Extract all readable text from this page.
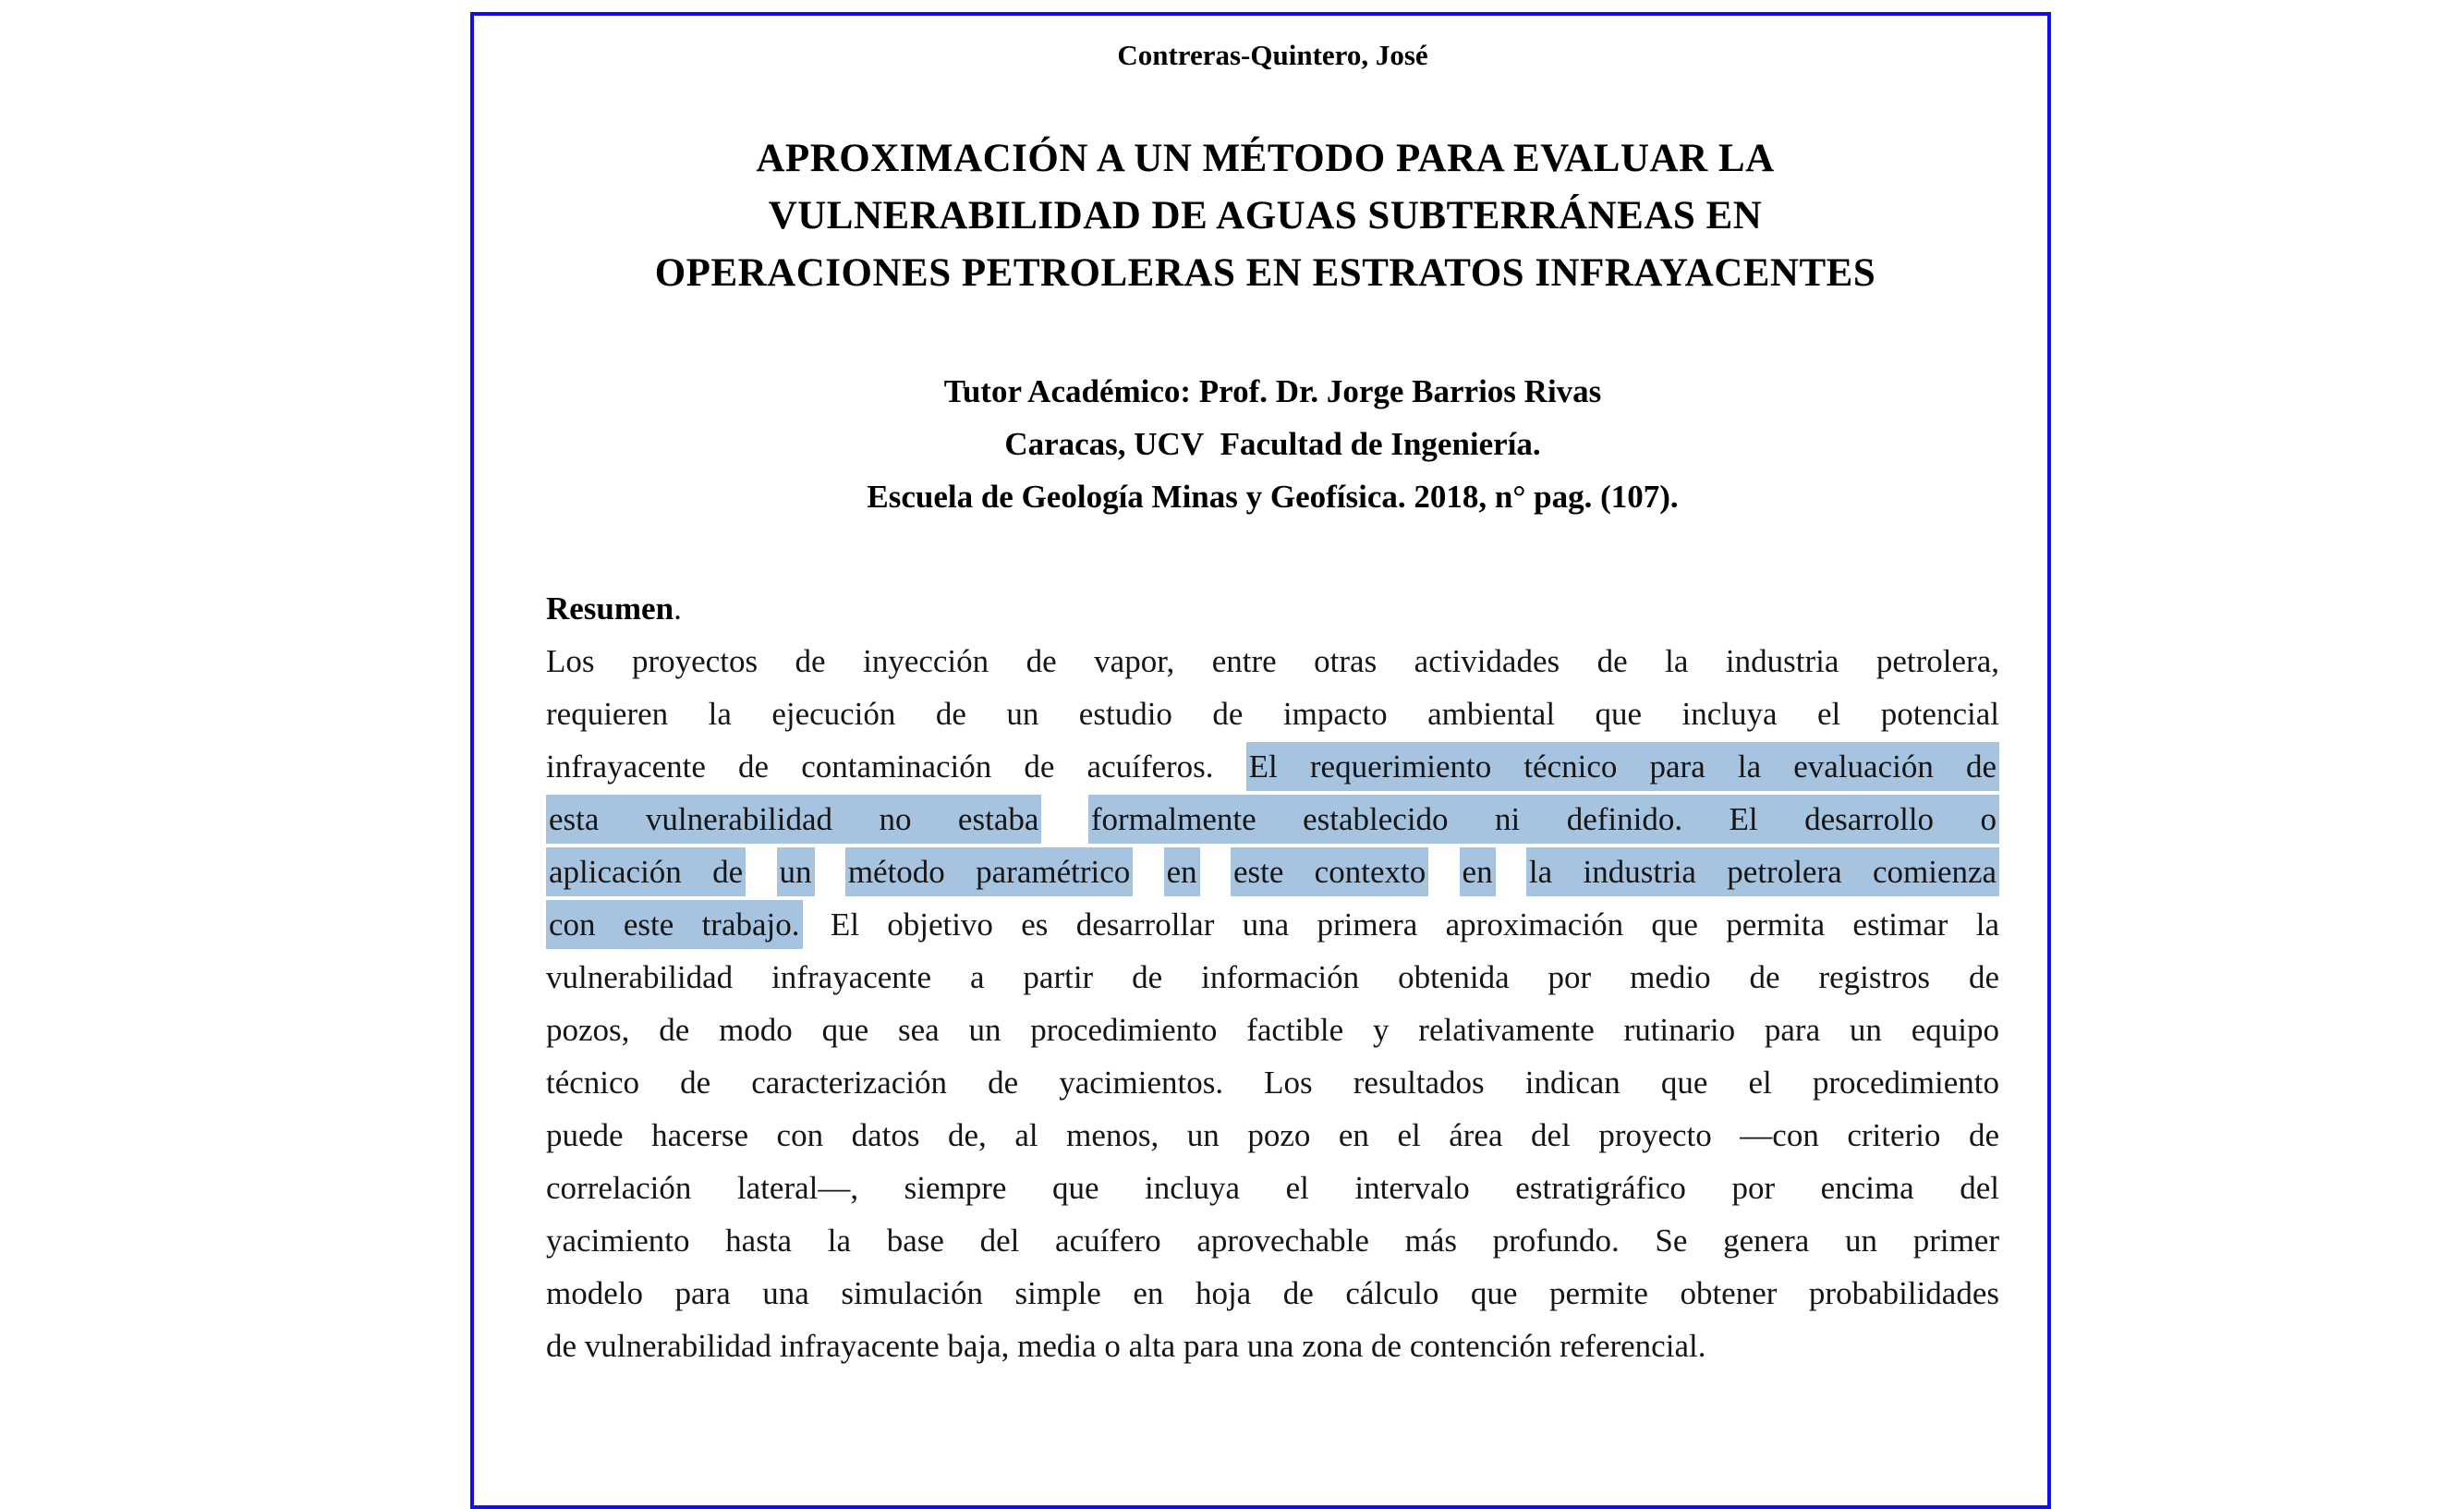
Contreras-Quintero, José
APROXIMACIÓN A UN MÉTODO PARA EVALUAR LA
VULNERABILIDAD DE AGUAS SUBTERRÁNEAS EN
OPERACIONES PETROLERAS EN ESTRATOS INFRAYACENTES
Tutor Académico: Prof. Dr. Jorge Barrios Rivas
Caracas, UCV  Facultad de Ingeniería.
Escuela de Geología Minas y Geofísica. 2018, n° pag. (107).
Resumen.
Los proyectos de inyección de vapor, entre otras actividades de la industria petrolera,
requieren la ejecución de un estudio de impacto ambiental que incluya el potencial
infrayacente de contaminación de acuíferos. El requerimiento técnico para la evaluación de
esta vulnerabilidad no estaba formalmente establecido ni definido. El desarrollo o
aplicación de un método paramétrico en este contexto en la industria petrolera comienza
con este trabajo. El objetivo es desarrollar una primera aproximación que permita estimar la
vulnerabilidad infrayacente a partir de información obtenida por medio de registros de
pozos, de modo que sea un procedimiento factible y relativamente rutinario para un equipo
técnico de caracterización de yacimientos. Los resultados indican que el procedimiento
puede hacerse con datos de, al menos, un pozo en el área del proyecto —con criterio de
correlación lateral—, siempre que incluya el intervalo estratigráfico por encima del
yacimiento hasta la base del acuífero aprovechable más profundo. Se genera un primer
modelo para una simulación simple en hoja de cálculo que permite obtener probabilidades
de vulnerabilidad infrayacente baja, media o alta para una zona de contención referencial.
